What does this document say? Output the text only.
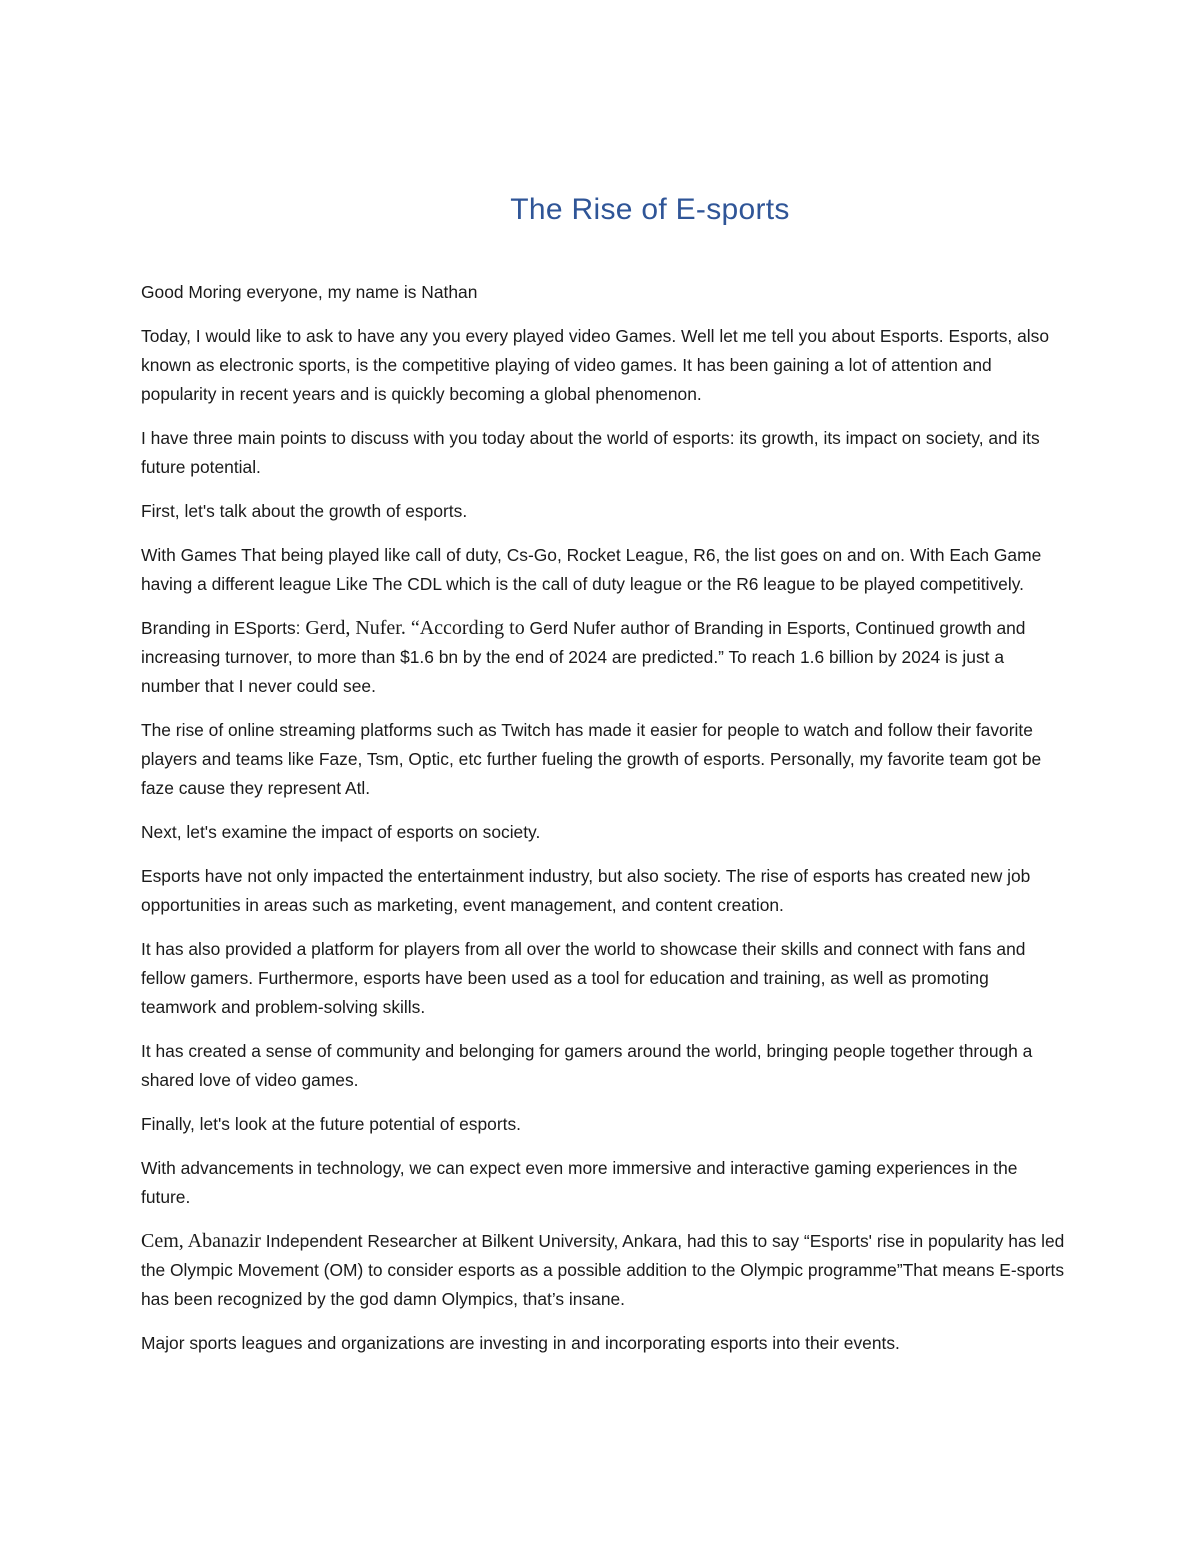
The Rise of E-sports

Good Moring everyone, my name is Nathan

Today, I would like to ask to have any you every played video Games. Well let me tell you about Esports. Esports, also known as electronic sports, is the competitive playing of video games. It has been gaining a lot of attention and popularity in recent years and is quickly becoming a global phenomenon.

I have three main points to discuss with you today about the world of esports: its growth, its impact on society, and its future potential.

First, let's talk about the growth of esports.

With Games That being played like call of duty, Cs-Go, Rocket League, R6, the list goes on and on. With Each Game having a different league Like The CDL which is the call of duty league or the R6 league to be played competitively.

Branding in ESports: Gerd, Nufer. “According to Gerd Nufer author of Branding in Esports, Continued growth and increasing turnover, to more than $1.6 bn by the end of 2024 are predicted.” To reach 1.6 billion by 2024 is just a number that I never could see.

The rise of online streaming platforms such as Twitch has made it easier for people to watch and follow their favorite players and teams like Faze, Tsm, Optic, etc further fueling the growth of esports. Personally, my favorite team got be faze cause they represent Atl.

Next, let's examine the impact of esports on society.

Esports have not only impacted the entertainment industry, but also society. The rise of esports has created new job opportunities in areas such as marketing, event management, and content creation.

It has also provided a platform for players from all over the world to showcase their skills and connect with fans and fellow gamers. Furthermore, esports have been used as a tool for education and training, as well as promoting teamwork and problem-solving skills.

It has created a sense of community and belonging for gamers around the world, bringing people together through a shared love of video games.

Finally, let's look at the future potential of esports.

With advancements in technology, we can expect even more immersive and interactive gaming experiences in the future.

Cem, Abanazir Independent Researcher at Bilkent University, Ankara, had this to say “Esports' rise in popularity has led the Olympic Movement (OM) to consider esports as a possible addition to the Olympic programme”That means E-sports has been recognized by the god damn Olympics, that’s insane.

Major sports leagues and organizations are investing in and incorporating esports into their events.
